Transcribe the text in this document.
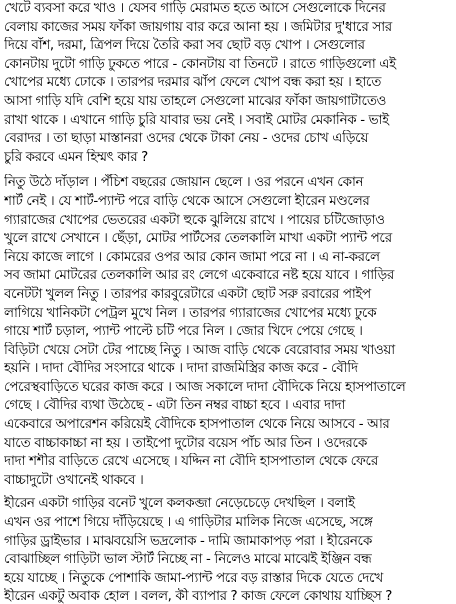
খেটে ব্যবসা করে খাও । যেসব গাড়ি মেরামত হতে আসে সেগুলোকে দিনের
বেলায় কাজের সময় ফাঁকা জায়গায় বার করে আনা হয় । জমিটার দু'ধারে সার
দিয়ে বাঁশ, দরমা, ত্রিপল দিয়ে তৈরি করা সব ছোট বড় খোপ । সেগুলোর
কোনটায় দুটো গাড়ি ঢুকতে পারে - কোনটায় বা তিনটে । রাতে গাড়িগুলো এই
খোপের মধ্যে ঢোকে । তারপর দরমার ঝাঁপ ফেলে খোপ বন্ধ করা হয় । হাতে
আসা গাড়ি যদি বেশি হয়ে যায় তাহলে সেগুলো মাঝের ফাঁকা জায়গাটাতেও
রাখা থাকে । এখানে গাড়ি চুরি যাবার ভয় নেই । সবাই মোটর মেকানিক - ভাই
বেরাদর । তা ছাড়া মাস্তানরা ওদের থেকে টাকা নেয় - ওদের চোখ এড়িয়ে
চুরি করবে এমন হিম্মৎ কার ?
নিতু উঠে দাঁড়াল । পঁচিশ বছরের জোয়ান ছেলে । ওর পরনে এখন কোন
শার্ট নেই । যে শার্ট-প্যান্ট পরে বাড়ি থেকে আসে সেগুলো হীরেন মণ্ডলের
গ্যারাজের খোপের ভেতরের একটা হুকে ঝুলিয়ে রাখে । পায়ের চটিজোড়াও
খুলে রাখে সেখানে । ছেঁড়া, মোটর পার্টসের তেলকালি মাখা একটা প্যান্ট পরে
নিয়ে কাজে লাগে । কোমরের ওপর আর কোন জামা পরে না । এ না-করলে
সব জামা মোটরের তেলকালি আর রং লেগে একেবারে নষ্ট হয়ে যাবে । গাড়ির
বনেটটা খুলল নিতু । তারপর কারবুরেটারে একটা ছোট সরু রবারের পাইপ
লাগিয়ে খানিকটা পেট্রল মুখে নিল । তারপর গ্যারাজের খোপের মধ্যে ঢুকে
গায়ে শার্ট চড়াল, প্যান্ট পাল্টে চটি পরে নিল । জোর খিদে পেয়ে গেছে ।
বিড়িটা খেয়ে সেটা টের পাচ্ছে নিতু । আজ বাড়ি থেকে বেরোবার সময় খাওয়া
হয়নি । দাদা বৌদির সংসারে থাকে । দাদা রাজমিস্ত্রির কাজ করে - বৌদি
পেরেস্থবাড়িতে ঘরের কাজ করে । আজ সকালে দাদা বৌদিকে নিয়ে হাসপাতালে
গেছে । বৌদির ব্যথা উঠেছে - এটা তিন নম্বর বাচ্চা হবে । এবার দাদা
একেবারে অপারেশন করিয়েই বৌদিকে হাসপাতাল থেকে নিয়ে আসবে - আর
যাতে বাচ্চাকাচ্চা না হয় । তাইপো দুটোর বয়েস পাঁচ আর তিন । ওদেরকে
দাদা শশীর বাড়িতে রেখে এসেছে । যদ্দিন না বৌদি হাসপাতাল থেকে ফেরে
বাচ্চাদুটো ওখানেই থাকবে ।
হীরেন একটা গাড়ির বনেট খুলে কলকব্জা নেড়েচেড়ে দেখছিল । বলাই
এখন ওর পাশে গিয়ে দাঁড়িয়েছে । এ গাড়িটার মালিক নিজে এসেছে, সঙ্গে
গাড়ির ড্রাইভার । মাঝবয়েসি ভদ্রলোক - দামি জামাকাপড় পরা । হীরেনকে
বোঝাচ্ছিল গাড়িটা ভাল স্টার্ট নিচ্ছে না - নিলেও মাঝে মাঝেই ইঞ্জিন বন্ধ
হয়ে যাচ্ছে । নিতুকে পোশাকি জামা-প্যান্ট পরে বড় রাস্তার দিকে যেতে দেখে
হীরেন একটু অবাক হোল । বলল, কী ব্যাপার ? কাজ ফেলে কোথায় যাচ্ছিস ?
